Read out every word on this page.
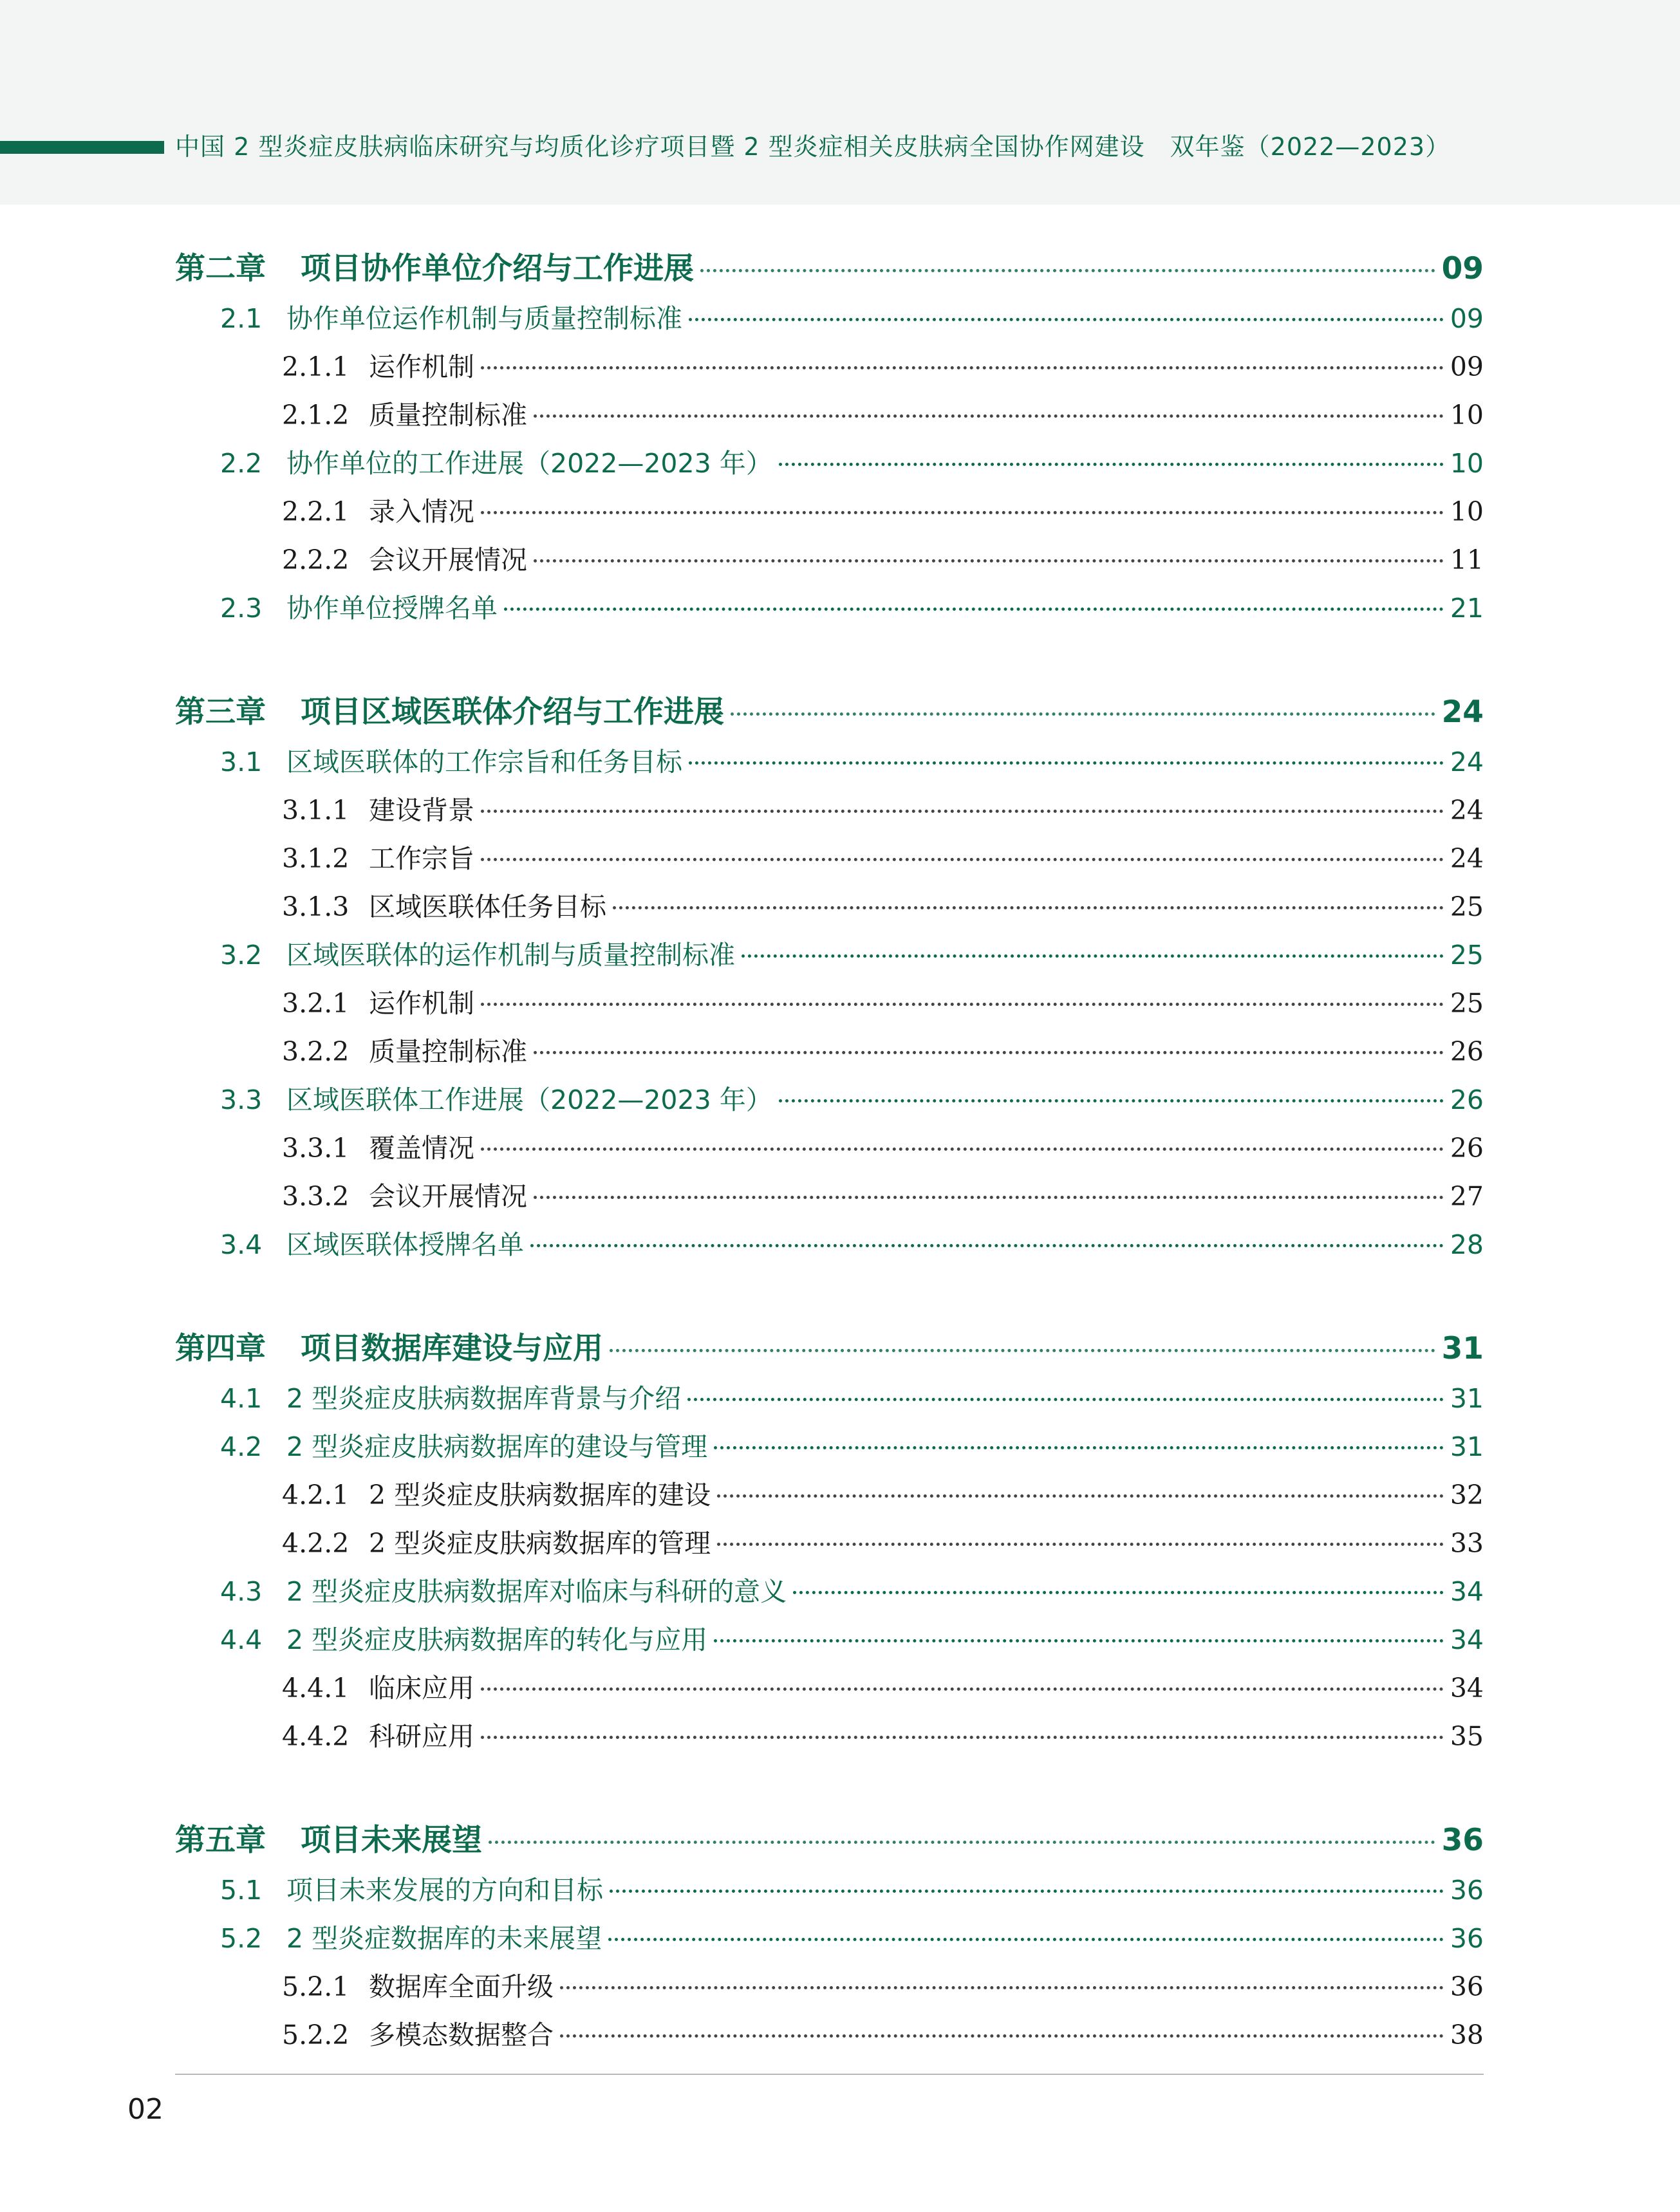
中国 2 型炎症皮肤病临床研究与均质化诊疗项目暨 2 型炎症相关皮肤病全国协作网建设　双年鉴（2022—2023）
第二章 项目协作单位介绍与工作进展	09
2.1 协作单位运作机制与质量控制标准	09
2.1.1 运作机制	09
2.1.2 质量控制标准	10
2.2 协作单位的工作进展（2022—2023 年）	10
2.2.1 录入情况	10
2.2.2 会议开展情况	11
2.3 协作单位授牌名单	21
第三章 项目区域医联体介绍与工作进展	24
3.1 区域医联体的工作宗旨和任务目标	24
3.1.1 建设背景	24
3.1.2 工作宗旨	24
3.1.3 区域医联体任务目标	25
3.2 区域医联体的运作机制与质量控制标准	25
3.2.1 运作机制	25
3.2.2 质量控制标准	26
3.3 区域医联体工作进展（2022—2023 年）	26
3.3.1 覆盖情况	26
3.3.2 会议开展情况	27
3.4 区域医联体授牌名单	28
第四章 项目数据库建设与应用	31
4.1 2 型炎症皮肤病数据库背景与介绍	31
4.2 2 型炎症皮肤病数据库的建设与管理	31
4.2.1 2 型炎症皮肤病数据库的建设	32
4.2.2 2 型炎症皮肤病数据库的管理	33
4.3 2 型炎症皮肤病数据库对临床与科研的意义	34
4.4 2 型炎症皮肤病数据库的转化与应用	34
4.4.1 临床应用	34
4.4.2 科研应用	35
第五章 项目未来展望	36
5.1 项目未来发展的方向和目标	36
5.2 2 型炎症数据库的未来展望	36
5.2.1 数据库全面升级	36
5.2.2 多模态数据整合	38
02
